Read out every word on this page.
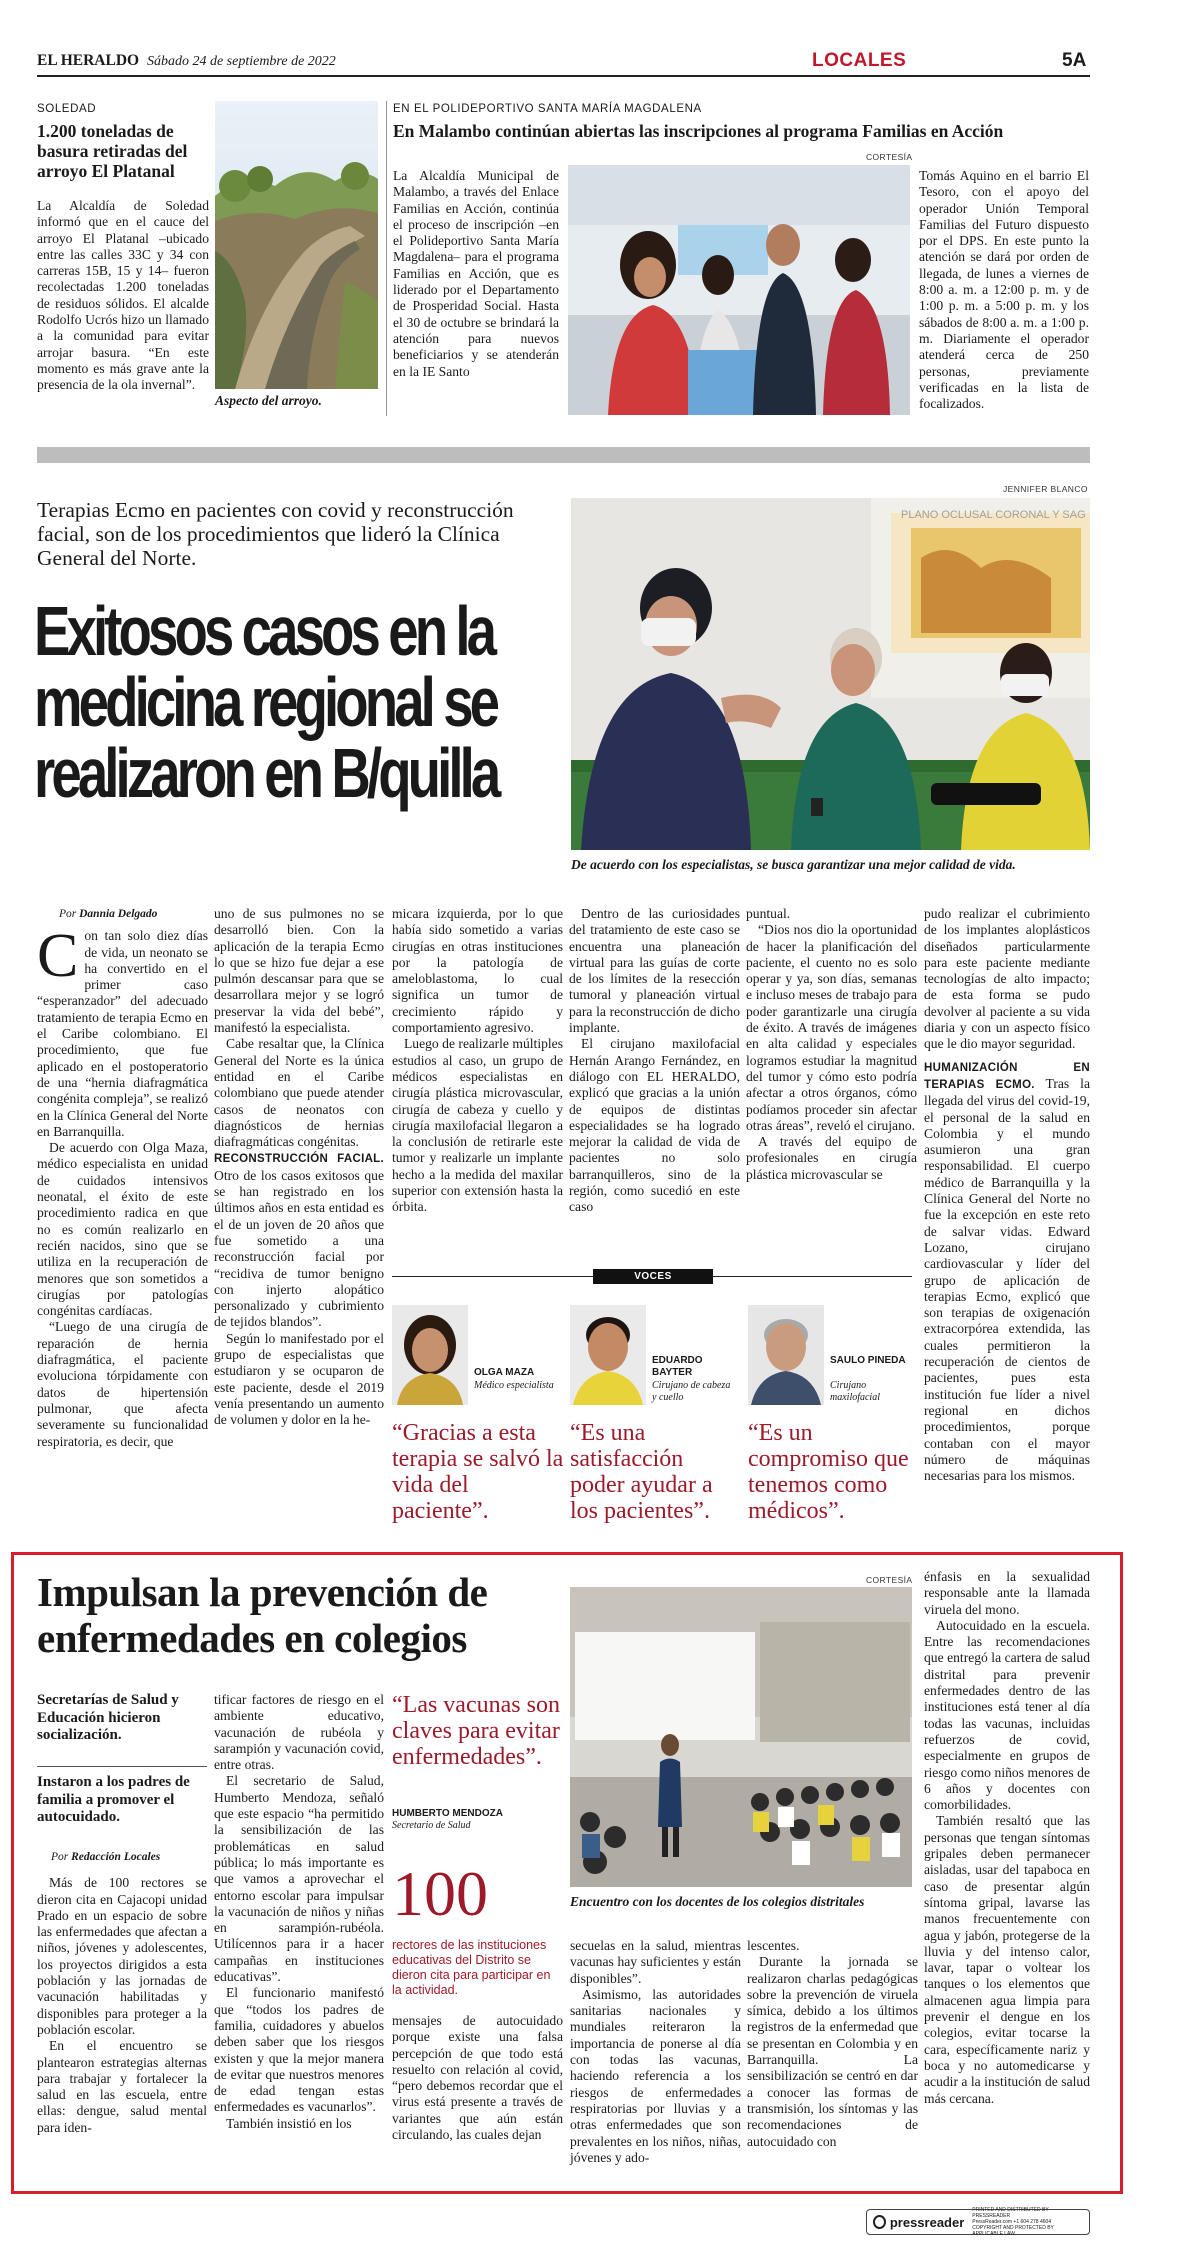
EL HERALDO Sábado 24 de septiembre de 2022	LOCALES	5A
SOLEDAD
1.200 toneladas de basura retiradas del arroyo El Platanal

La Alcaldía de Soledad informó que en el cauce del arroyo El Platanal –ubicado entre las calles 33C y 34 con carreras 15B, 15 y 14– fueron recolectadas 1.200 toneladas de residuos sólidos. El alcalde Rodolfo Ucrós hizo un llamado a la comunidad para evitar arrojar basura. “En este momento es más grave ante la presencia de la ola invernal”.

Aspecto del arroyo.
EN EL POLIDEPORTIVO SANTA MARÍA MAGDALENA
En Malambo continúan abiertas las inscripciones al programa Familias en Acción
CORTESÍA

La Alcaldía Municipal de Malambo, a través del Enlace Familias en Acción, continúa el proceso de inscripción –en el Polideportivo Santa María Magdalena– para el programa Familias en Acción, que es liderado por el Departamento de Prosperidad Social. Hasta el 30 de octubre se brindará la atención para nuevos beneficiarios y se atenderán en la IE Santo

Tomás Aquino en el barrio El Tesoro, con el apoyo del operador Unión Temporal Familias del Futuro dispuesto por el DPS. En este punto la atención se dará por orden de llegada, de lunes a viernes de 8:00 a. m. a 12:00 p. m. y de 1:00 p. m. a 5:00 p. m. y los sábados de 8:00 a. m. a 1:00 p. m. Diariamente el operador atenderá cerca de 250 personas, previamente verificadas en la lista de focalizados.

Terapias Ecmo en pacientes con covid y reconstrucción facial, son de los procedimientos que lideró la Clínica General del Norte.
Exitosos casos en la medicina regional se realizaron en B/quilla
JENNIFER BLANCO
PLANO OCLUSAL CORONAL Y SAG
De acuerdo con los especialistas, se busca garantizar una mejor calidad de vida.

Por Dannia Delgado

Con tan solo diez días de vida, un neonato se ha convertido en el primer caso “esperanzador” del adecuado tratamiento de terapia Ecmo en el Caribe colombiano. El procedimiento, que fue aplicado en el postoperatorio de una “hernia diafragmática congénita compleja”, se realizó en la Clínica General del Norte en Barranquilla.

De acuerdo con Olga Maza, médico especialista en unidad de cuidados intensivos neonatal, el éxito de este procedimiento radica en que no es común realizarlo en recién nacidos, sino que se utiliza en la recuperación de menores que son sometidos a cirugías por patologías congénitas cardíacas.

“Luego de una cirugía de reparación de hernia diafragmática, el paciente evoluciona tórpidamente con datos de hipertensión pulmonar, que afecta severamente su funcionalidad respiratoria, es decir, que

uno de sus pulmones no se desarrolló bien. Con la aplicación de la terapia Ecmo lo que se hizo fue dejar a ese pulmón descansar para que se desarrollara mejor y se logró preservar la vida del bebé”, manifestó la especialista.

Cabe resaltar que, la Clínica General del Norte es la única entidad en el Caribe colombiano que puede atender casos de neonatos con diagnósticos de hernias diafragmáticas congénitas.

RECONSTRUCCIÓN FACIAL. Otro de los casos exitosos que se han registrado en los últimos años en esta entidad es el de un joven de 20 años que fue sometido a una reconstrucción facial por “recidiva de tumor benigno con injerto alopático personalizado y cubrimiento de tejidos blandos”.

Según lo manifestado por el grupo de especialistas que estudiaron y se ocuparon de este paciente, desde el 2019 venía presentando un aumento de volumen y dolor en la he-

micara izquierda, por lo que había sido sometido a varias cirugías en otras instituciones por la patología de ameloblastoma, lo cual significa un tumor de crecimiento rápido y comportamiento agresivo.

Luego de realizarle múltiples estudios al caso, un grupo de médicos especialistas en cirugía plástica microvascular, cirugía de cabeza y cuello y cirugía maxilofacial llegaron a la conclusión de retirarle este tumor y realizarle un implante hecho a la medida del maxilar superior con extensión hasta la órbita.

Dentro de las curiosidades del tratamiento de este caso se encuentra una planeación virtual para las guías de corte de los límites de la resección tumoral y planeación virtual para la reconstrucción de dicho implante.

El cirujano maxilofacial Hernán Arango Fernández, en diálogo con EL HERALDO, explicó que gracias a la unión de equipos de distintas especialidades se ha logrado mejorar la calidad de vida de pacientes no solo barranquilleros, sino de la región, como sucedió en este caso

puntual.

“Dios nos dio la oportunidad de hacer la planificación del paciente, el cuento no es solo operar y ya, son días, semanas e incluso meses de trabajo para poder garantizarle una cirugía de éxito. A través de imágenes en alta calidad y especiales logramos estudiar la magnitud del tumor y cómo esto podría afectar a otros órganos, cómo podíamos proceder sin afectar otras áreas”, reveló el cirujano.

A través del equipo de profesionales en cirugía plástica microvascular se

pudo realizar el cubrimiento de los implantes aloplásticos diseñados particularmente para este paciente mediante tecnologías de alto impacto; de esta forma se pudo devolver al paciente a su vida diaria y con un aspecto físico que le dio mayor seguridad.

HUMANIZACIÓN EN TERAPIAS ECMO. Tras la llegada del virus del covid-19, el personal de la salud en Colombia y el mundo asumieron una gran responsabilidad. El cuerpo médico de Barranquilla y la Clínica General del Norte no fue la excepción en este reto de salvar vidas. Edward Lozano, cirujano cardiovascular y líder del grupo de aplicación de terapias Ecmo, explicó que son terapias de oxigenación extracorpórea extendida, las cuales permitieron la recuperación de cientos de pacientes, pues esta institución fue líder a nivel regional en dichos procedimientos, porque contaban con el mayor número de máquinas necesarias para los mismos.

VOCES
OLGA MAZA
Médico especialista
“Gracias a esta terapia se salvó la vida del paciente”.
EDUARDO BAYTER
Cirujano de cabeza y cuello
“Es una satisfacción poder ayudar a los pacientes”.
SAULO PINEDA
Cirujano maxilofacial
“Es un compromiso que tenemos como médicos”.
Impulsan la prevención de enfermedades en colegios
CORTESÍA
Secretarías de Salud y Educación hicieron socialización.
Instaron a los padres de familia a promover el autocuidado.

Por Redacción Locales

Más de 100 rectores se dieron cita en Cajacopi unidad Prado en un espacio de sobre las enfermedades que afectan a niños, jóvenes y adolescentes, los proyectos dirigidos a esta población y las jornadas de vacunación habilitadas y disponibles para proteger a la población escolar.

En el encuentro se plantearon estrategias alternas para trabajar y fortalecer la salud en las escuela, entre ellas: dengue, salud mental para iden-

tificar factores de riesgo en el ambiente educativo, vacunación de rubéola y sarampión y vacunación covid, entre otras.

El secretario de Salud, Humberto Mendoza, señaló que este espacio “ha permitido la sensibilización de las problemáticas en salud pública; lo más importante es que vamos a aprovechar el entorno escolar para impulsar la vacunación de niños y niñas en sarampión-rubéola. Utilícennos para ir a hacer campañas en instituciones educativas”.

El funcionario manifestó que “todos los padres de familia, cuidadores y abuelos deben saber que los riesgos existen y que la mejor manera de evitar que nuestros menores de edad tengan estas enfermedades es vacunarlos”.

También insistió en los

“Las vacunas son claves para evitar enfermedades”.
HUMBERTO MENDOZA
Secretario de Salud
100
rectores de las instituciones educativas del Distrito se dieron cita para participar en la actividad.

mensajes de autocuidado porque existe una falsa percepción de que todo está resuelto con relación al covid, “pero debemos recordar que el virus está presente a través de variantes que aún están circulando, las cuales dejan

Encuentro con los docentes de los colegios distritales

secuelas en la salud, mientras vacunas hay suficientes y están disponibles”.

Asimismo, las autoridades sanitarias nacionales y mundiales reiteraron la importancia de ponerse al día con todas las vacunas, haciendo referencia a los riesgos de enfermedades respiratorias por lluvias y a otras enfermedades que son prevalentes en los niños, niñas, jóvenes y ado-

lescentes.

Durante la jornada se realizaron charlas pedagógicas sobre la prevención de viruela símica, debido a los últimos registros de la enfermedad que se presentan en Colombia y en Barranquilla. La sensibilización se centró en dar a conocer las formas de transmisión, los síntomas y las recomendaciones de autocuidado con

énfasis en la sexualidad responsable ante la llamada viruela del mono.

Autocuidado en la escuela. Entre las recomendaciones que entregó la cartera de salud distrital para prevenir enfermedades dentro de las instituciones está tener al día todas las vacunas, incluidas refuerzos de covid, especialmente en grupos de riesgo como niños menores de 6 años y docentes con comorbilidades.

También resaltó que las personas que tengan síntomas gripales deben permanecer aisladas, usar del tapaboca en caso de presentar algún síntoma gripal, lavarse las manos frecuentemente con agua y jabón, protegerse de la lluvia y del intenso calor, lavar, tapar o voltear los tanques o los elementos que almacenen agua limpia para prevenir el dengue en los colegios, evitar tocarse la cara, específicamente nariz y boca y no automedicarse y acudir a la institución de salud más cercana.

pressreader
PRINTED AND DISTRIBUTED BY PRESSREADER
PressReader.com +1 604 278 4604
COPYRIGHT AND PROTECTED BY APPLICABLE LAW
